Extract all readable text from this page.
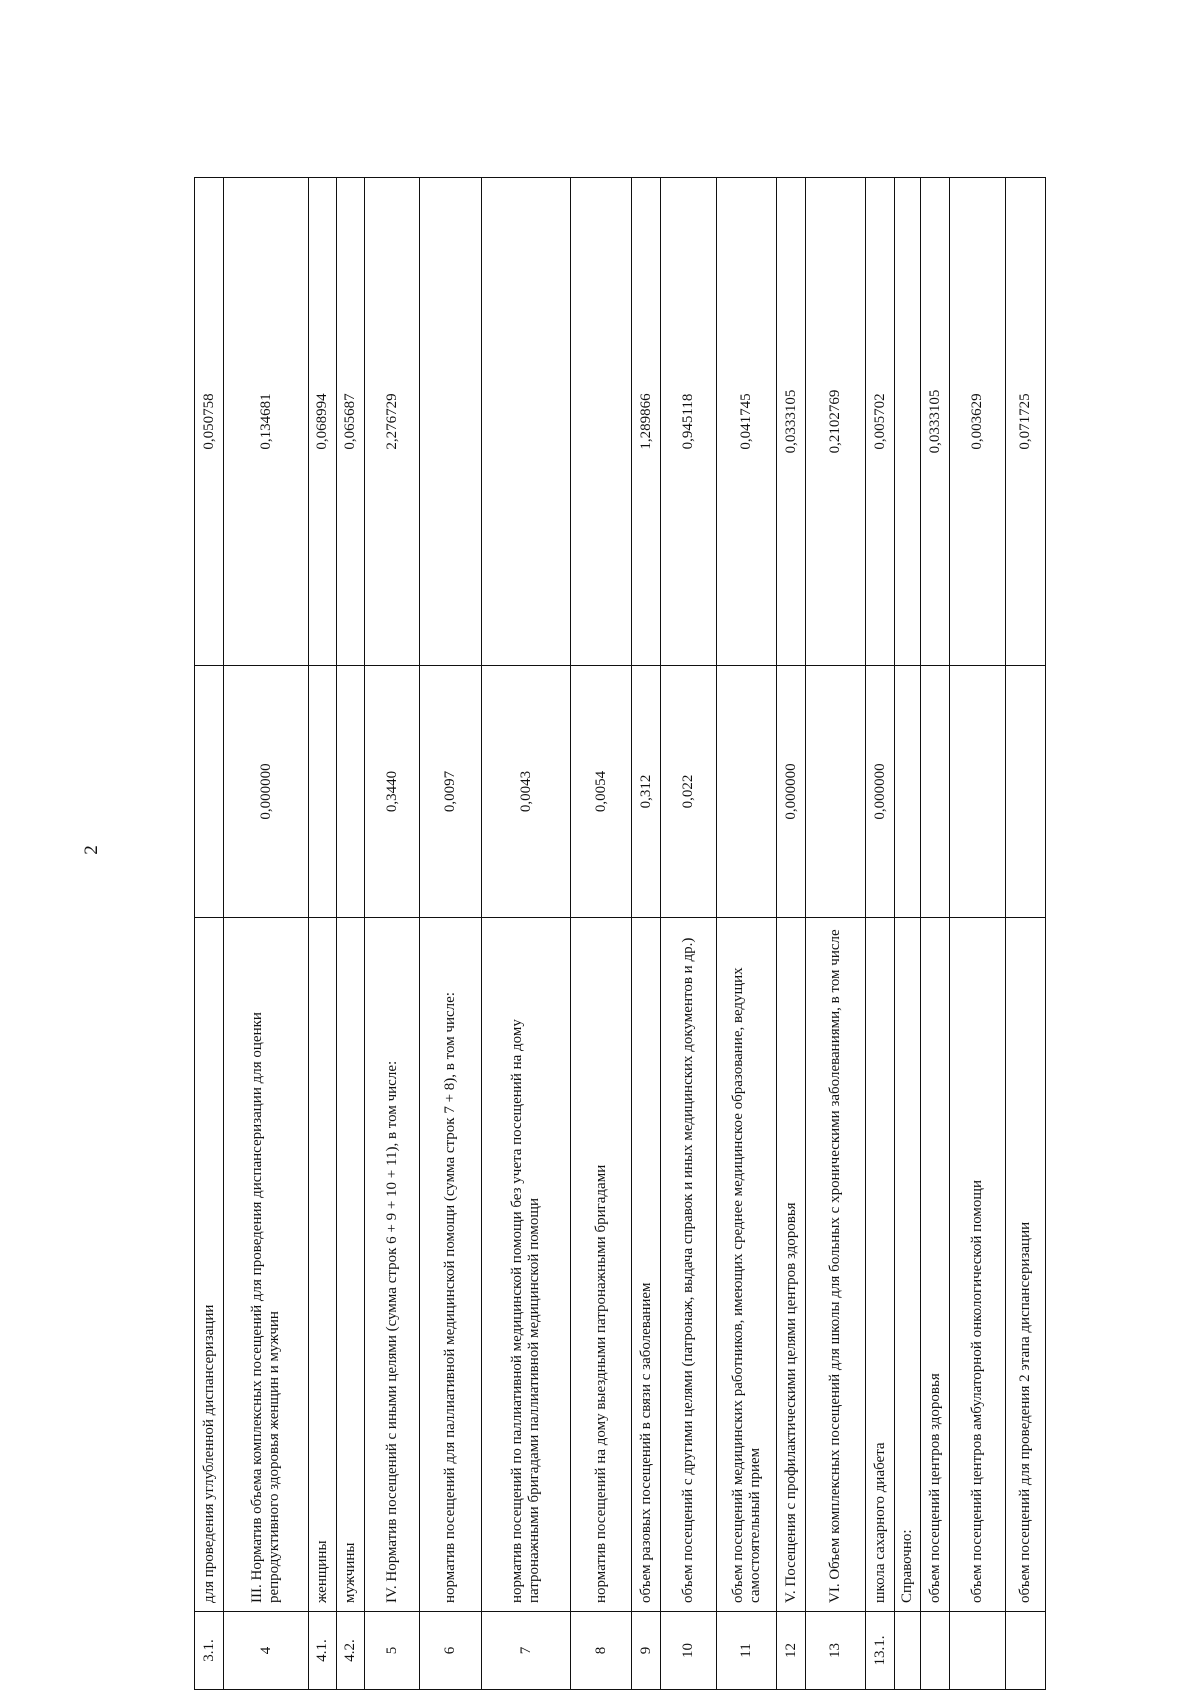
2
3.1.	для проведения углубленной диспансеризации		0,050758
4	III. Норматив объема комплексных посещений для проведения диспансеризации для оценки репродуктивного здоровья женщин и мужчин	0,000000	0,134681
4.1.	женщины		0,068994
4.2.	мужчины		0,065687
5	IV. Норматив посещений с иными целями (сумма строк 6 + 9 + 10 + 11), в том числе:	0,3440	2,276729
6	норматив посещений для паллиативной медицинской помощи (сумма строк 7 + 8), в том числе:	0,0097	
7	норматив посещений по паллиативной медицинской помощи без учета посещений на дому патронажными бригадами паллиативной медицинской помощи	0,0043	
8	норматив посещений на дому выездными патронажными бригадами	0,0054	
9	объем разовых посещений в связи с заболеванием	0,312	1,289866
10	объем посещений с другими целями (патронаж, выдача справок и иных медицинских документов и др.)	0,022	0,945118
11	объем посещений медицинских работников, имеющих среднее медицинское образование, ведущих самостоятельный прием		0,041745
12	V. Посещения с профилактическими целями центров здоровья	0,000000	0,0333105
13	VI. Объем комплексных посещений для школы для больных с хроническими заболеваниями, в том числе		0,2102769
13.1.	школа сахарного диабета	0,000000	0,005702
	Справочно:		
	объем посещений центров здоровья		0,0333105
	объем посещений центров амбулаторной онкологической помощи		0,003629
	объем посещений для проведения 2 этапа диспансеризации		0,071725
